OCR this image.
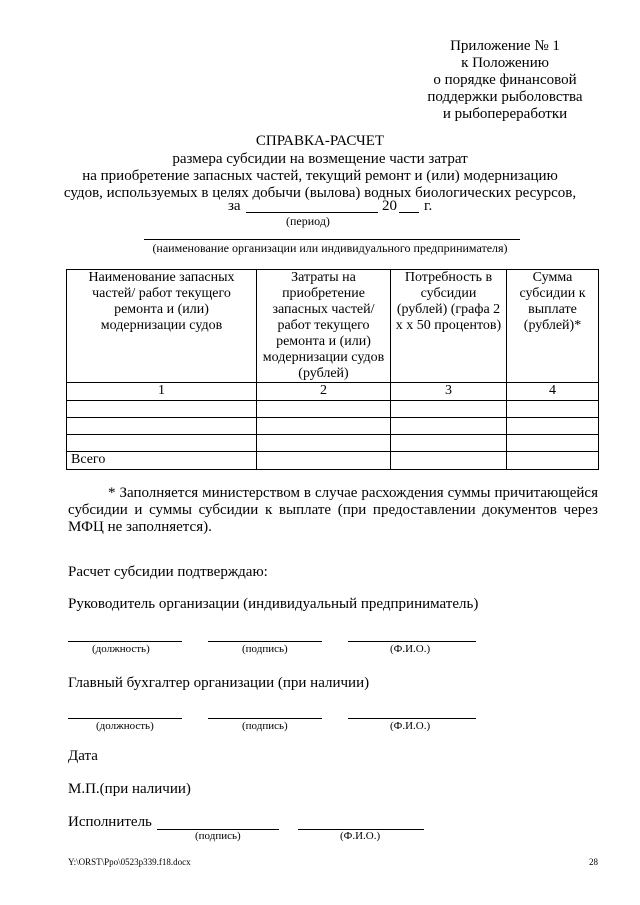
Приложение № 1
к Положению
о порядке финансовой
поддержки рыболовства
и рыбопереработки
СПРАВКА-РАСЧЕТ
размера субсидии на возмещение части затрат
на приобретение запасных частей, текущий ремонт и (или) модернизацию
судов, используемых в целях добычи (вылова) водных биологических ресурсов,
за	20 г.
(период)
(наименование организации или индивидуального предпринимателя)
Наименование запасных частей/ работ текущего ремонта и (или) модернизации судов	Затраты на приобретение запасных частей/ работ текущего ремонта и (или) модернизации судов (рублей)	Потребность в субсидии (рублей) (графа 2 х х 50 процентов)	Сумма субсидии к выплате (рублей)*
1	2	3	4

Всего			
* Заполняется министерством в случае расхождения суммы причитающейся субсидии и суммы субсидии к выплате (при предоставлении документов через МФЦ не заполняется).
Расчет субсидии подтверждаю:
Руководитель организации (индивидуальный предприниматель)
(должность)	(подпись)	(Ф.И.О.)
Главный бухгалтер организации (при наличии)
(должность)	(подпись)	(Ф.И.О.)
Дата
М.П.(при наличии)
Исполнитель
(подпись)	(Ф.И.О.)
Y:\ORST\Ppo\0523p339.f18.docx	28
